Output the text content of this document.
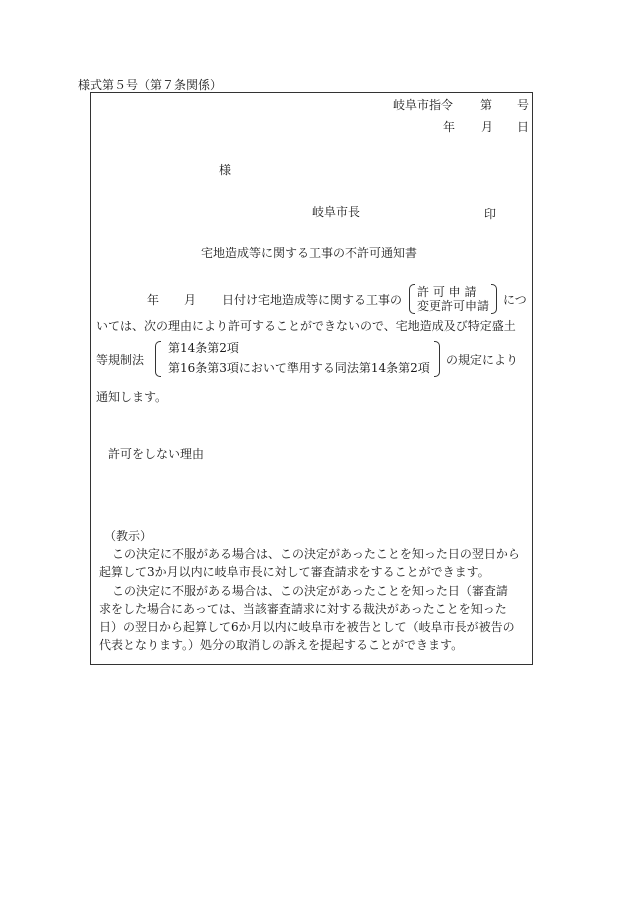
様式第５号（第７条関係）
岐阜市指令 第 号
年 月 日
様
岐阜市長	印
宅地造成等に関する工事の不許可通知書
年 月 日付け宅地造成等に関する工事の
許 可 申 請
変更許可申請 につ
いては、次の理由により許可することができないので、宅地造成及び特定盛土
等規制法
第14条第2項
第16条第3項において準用する同法第14条第2項
の規定により
通知します。
許可をしない理由
（教示）
この決定に不服がある場合は、この決定があったことを知った日の翌日から
起算して3か月以内に岐阜市長に対して審査請求をすることができます。
この決定に不服がある場合は、この決定があったことを知った日（審査請
求をした場合にあっては、当該審査請求に対する裁決があったことを知った
日）の翌日から起算して6か月以内に岐阜市を被告として（岐阜市長が被告の
代表となります。）処分の取消しの訴えを提起することができます。
